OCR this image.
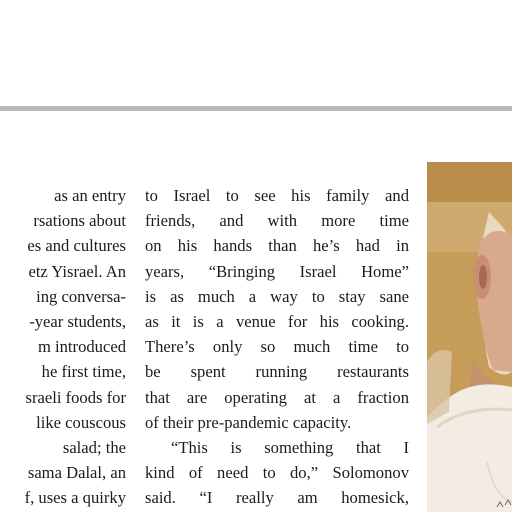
as an entry
rsations about
es and cultures
etz Yisrael. An
ing conversa-
-year students,
m introduced
he first time,
sraeli foods for
like couscous
salad; the
sama Dalal, an
f, uses a quirky
to Israel to see his family and
friends, and with more time
on his hands than he’s had in
years, “Bringing Israel Home”
is as much a way to stay sane
as it is a venue for his cooking.
There’s only so much time to
be spent running restaurants
that are operating at a fraction
of their pre-pandemic capacity.
“This is something that I
kind of need to do,” Solomonov
said. “I really am homesick,
